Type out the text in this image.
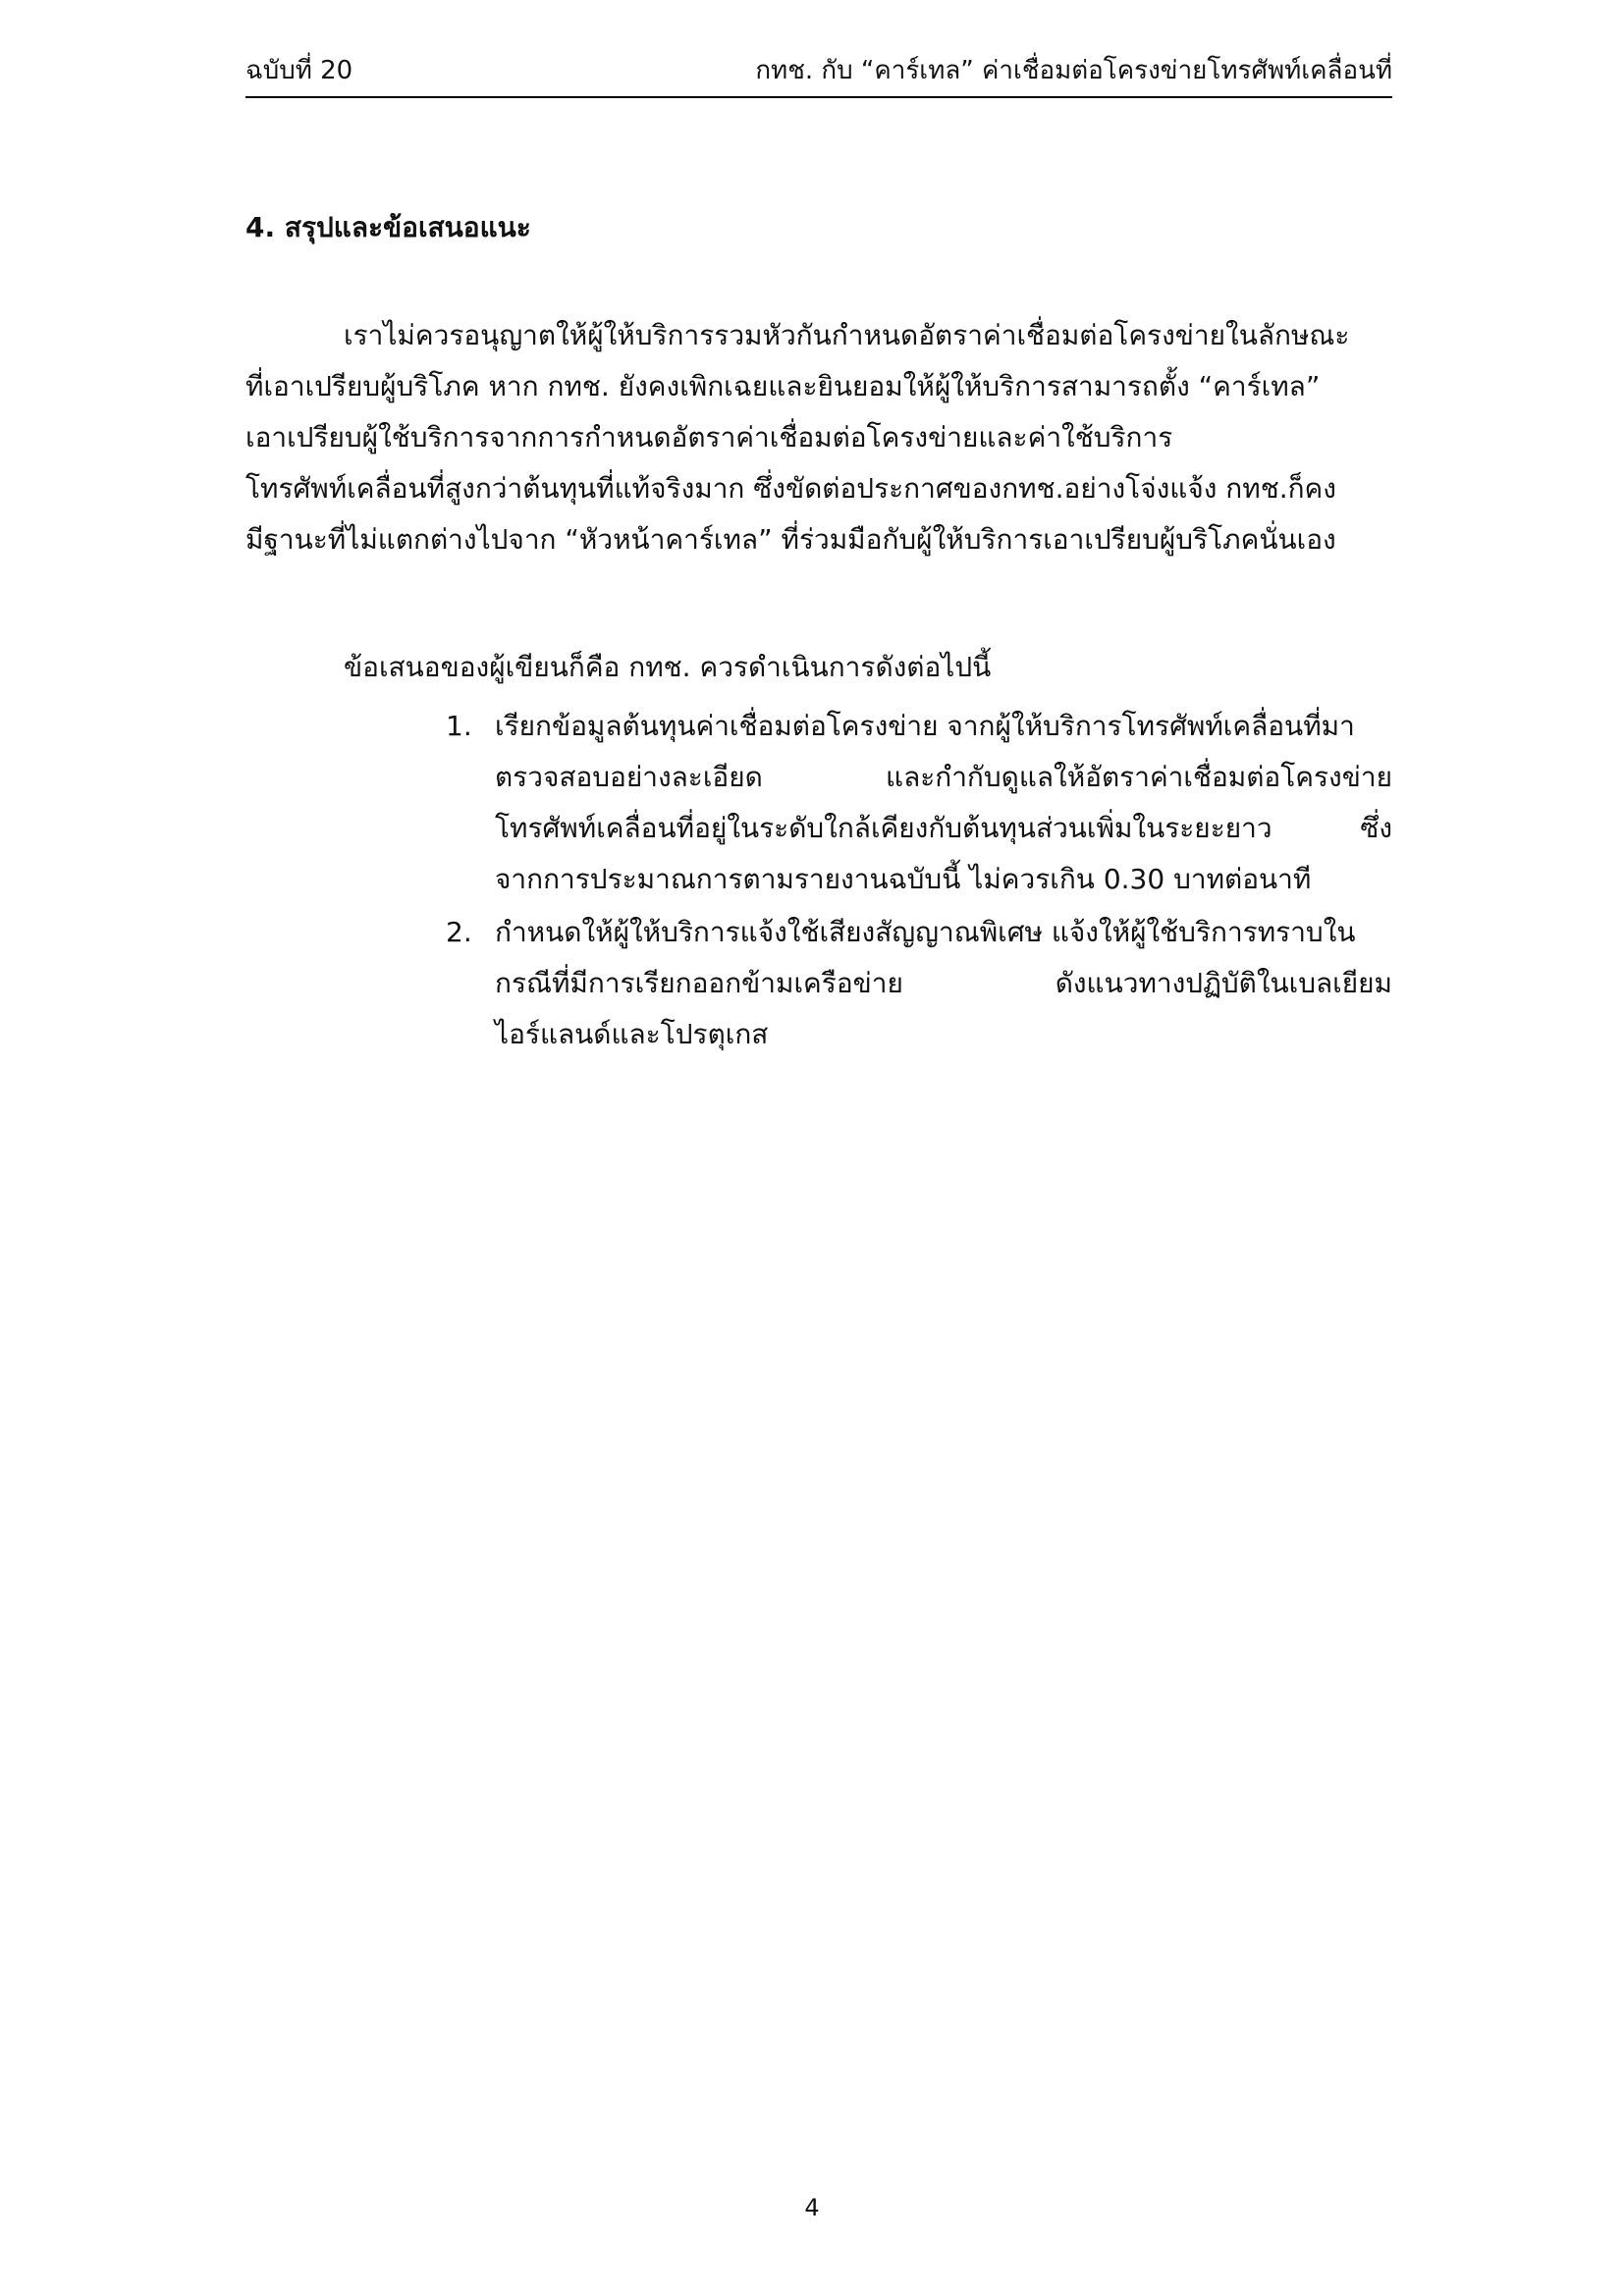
ฉบับที่ 20	กทช. กับ “คาร์เทล” ค่าเชื่อมต่อโครงข่ายโทรศัพท์เคลื่อนที่
4. สรุปและข้อเสนอแนะ
เราไม่ควรอนุญาตให้ผู้ให้บริการรวมหัวกันกำหนดอัตราค่าเชื่อมต่อโครงข่ายในลักษณะ
ที่เอาเปรียบผู้บริโภค หาก กทช. ยังคงเพิกเฉยและยินยอมให้ผู้ให้บริการสามารถตั้ง “คาร์เทล”
เอาเปรียบผู้ใช้บริการจากการกำหนดอัตราค่าเชื่อมต่อโครงข่ายและค่าใช้บริการ
โทรศัพท์เคลื่อนที่สูงกว่าต้นทุนที่แท้จริงมาก ซึ่งขัดต่อประกาศของกทช.อย่างโจ่งแจ้ง กทช.ก็คง
มีฐานะที่ไม่แตกต่างไปจาก “หัวหน้าคาร์เทล” ที่ร่วมมือกับผู้ให้บริการเอาเปรียบผู้บริโภคนั่นเอง
ข้อเสนอของผู้เขียนก็คือ กทช. ควรดำเนินการดังต่อไปนี้
1. เรียกข้อมูลต้นทุนค่าเชื่อมต่อโครงข่าย จากผู้ให้บริการโทรศัพท์เคลื่อนที่มา
ตรวจสอบอย่างละเอียด	และกำกับดูแลให้อัตราค่าเชื่อมต่อโครงข่าย
โทรศัพท์เคลื่อนที่อยู่ในระดับใกล้เคียงกับต้นทุนส่วนเพิ่มในระยะยาว	ซึ่ง
จากการประมาณการตามรายงานฉบับนี้ ไม่ควรเกิน 0.30 บาทต่อนาที
2. กำหนดให้ผู้ให้บริการแจ้งใช้เสียงสัญญาณพิเศษ แจ้งให้ผู้ใช้บริการทราบใน
กรณีที่มีการเรียกออกข้ามเครือข่าย	ดังแนวทางปฏิบัติในเบลเยียม
ไอร์แลนด์และโปรตุเกส
4
